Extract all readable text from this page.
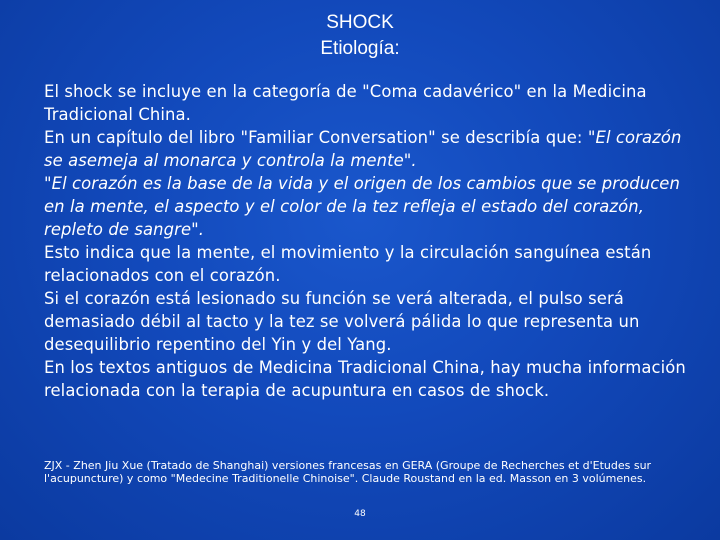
SHOCK
Etiología:

El shock se incluye en la categoría de "Coma cadavérico" en la Medicina Tradicional China.

En un capítulo del libro "Familiar Conversation" se describía que: "El corazón se asemeja al monarca y controla la mente".

"El corazón es la base de la vida y el origen de los cambios que se producen en la mente, el aspecto y el color de la tez refleja el estado del corazón, repleto de sangre".

Esto indica que la mente, el movimiento y la circulación sanguínea están relacionados con el corazón.

Si el corazón está lesionado su función se verá alterada, el pulso será demasiado débil al tacto y la tez se volverá pálida lo que representa un desequilibrio repentino del Yin y del Yang.

En los textos antiguos de Medicina Tradicional China, hay mucha información relacionada con la terapia de acupuntura en casos de shock.

ZJX - Zhen Jiu Xue (Tratado de Shanghai) versiones francesas en GERA (Groupe de Recherches et d'Etudes sur l'acupuncture) y como "Medecine Traditionelle Chinoise". Claude Roustand en la ed. Masson en 3 volúmenes.
48
